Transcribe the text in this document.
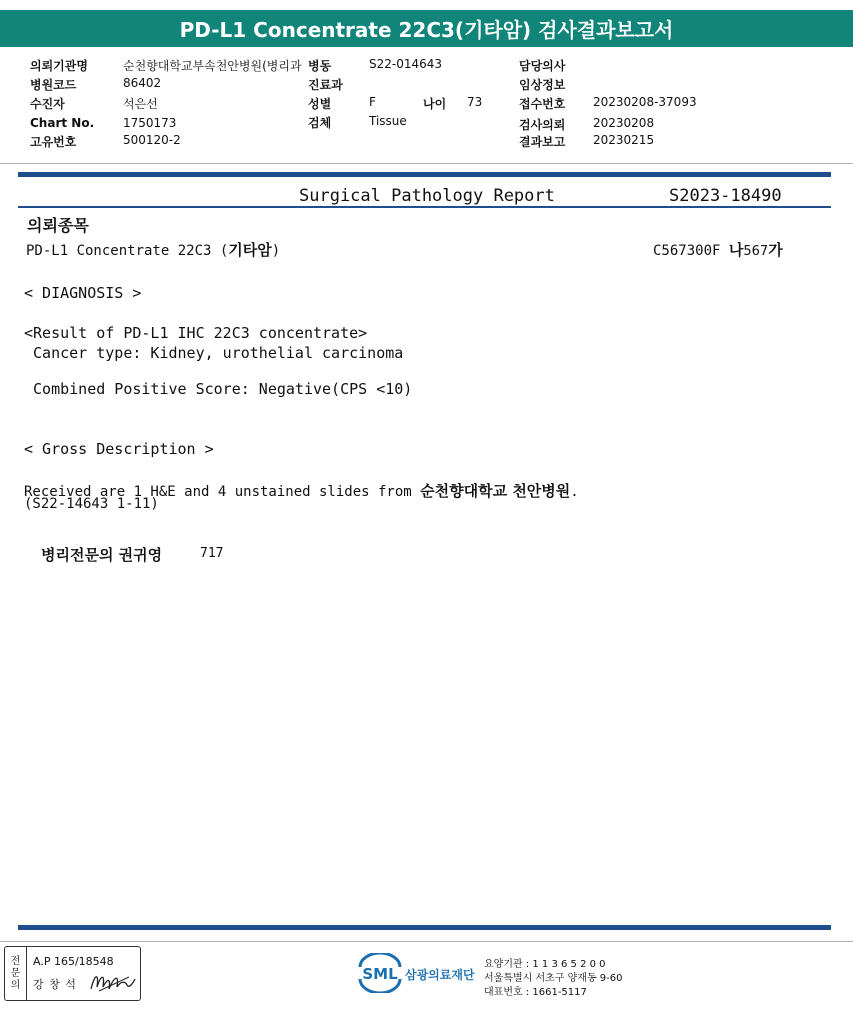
PD-L1 Concentrate 22C3(기타암) 검사결과보고서
의뢰기관명	순천향대학교부속천안병원(병리과
병원코드	86402
수진자	석은선
Chart No. 1750173
고유번호	500120-2
병동	S22-014643
진료과
성별	F	나이 73
검체	Tissue
담당의사
임상정보
접수번호 20230208-37093
검사의뢰 20230208
결과보고 20230215
Surgical Pathology Report	S2023-18490
의뢰종목
PD-L1 Concentrate 22C3 (기타암)	C567300F 나567가
< DIAGNOSIS >
<Result of PD-L1 IHC 22C3 concentrate>
Cancer type: Kidney, urothelial carcinoma
Combined Positive Score: Negative(CPS <10)
< Gross Description >
Received are 1 H&E and 4 unstained slides from 순천향대학교 천안병원.
(S22-14643 1-11)
병리전문의 권귀영	717
전
문
의
A.P 165/18548
강 창 석
SML 삼광의료재단
요양기관 : 1 1 3 6 5 2 0 0
서울특별시 서초구 양재동 9-60
대표번호 : 1661-5117
